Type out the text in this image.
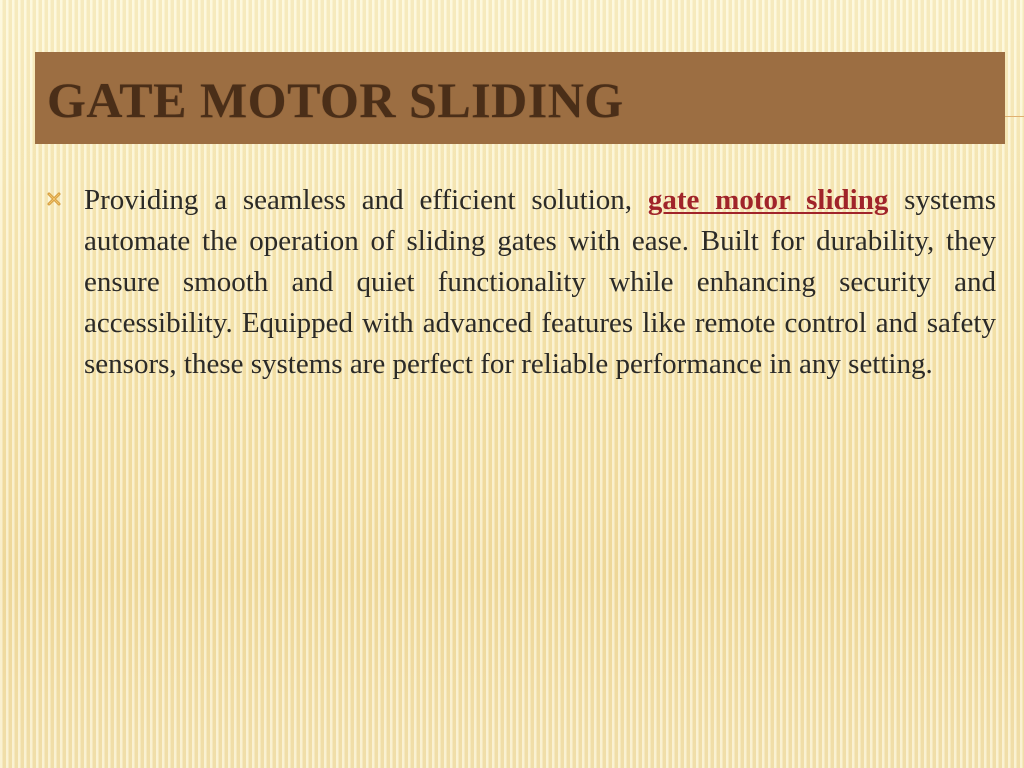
GATE MOTOR SLIDING

Providing a seamless and efficient solution, gate motor sliding systems automate the operation of sliding gates with ease. Built for durability, they ensure smooth and quiet functionality while enhancing security and accessibility. Equipped with advanced features like remote control and safety sensors, these systems are perfect for reliable performance in any setting.
